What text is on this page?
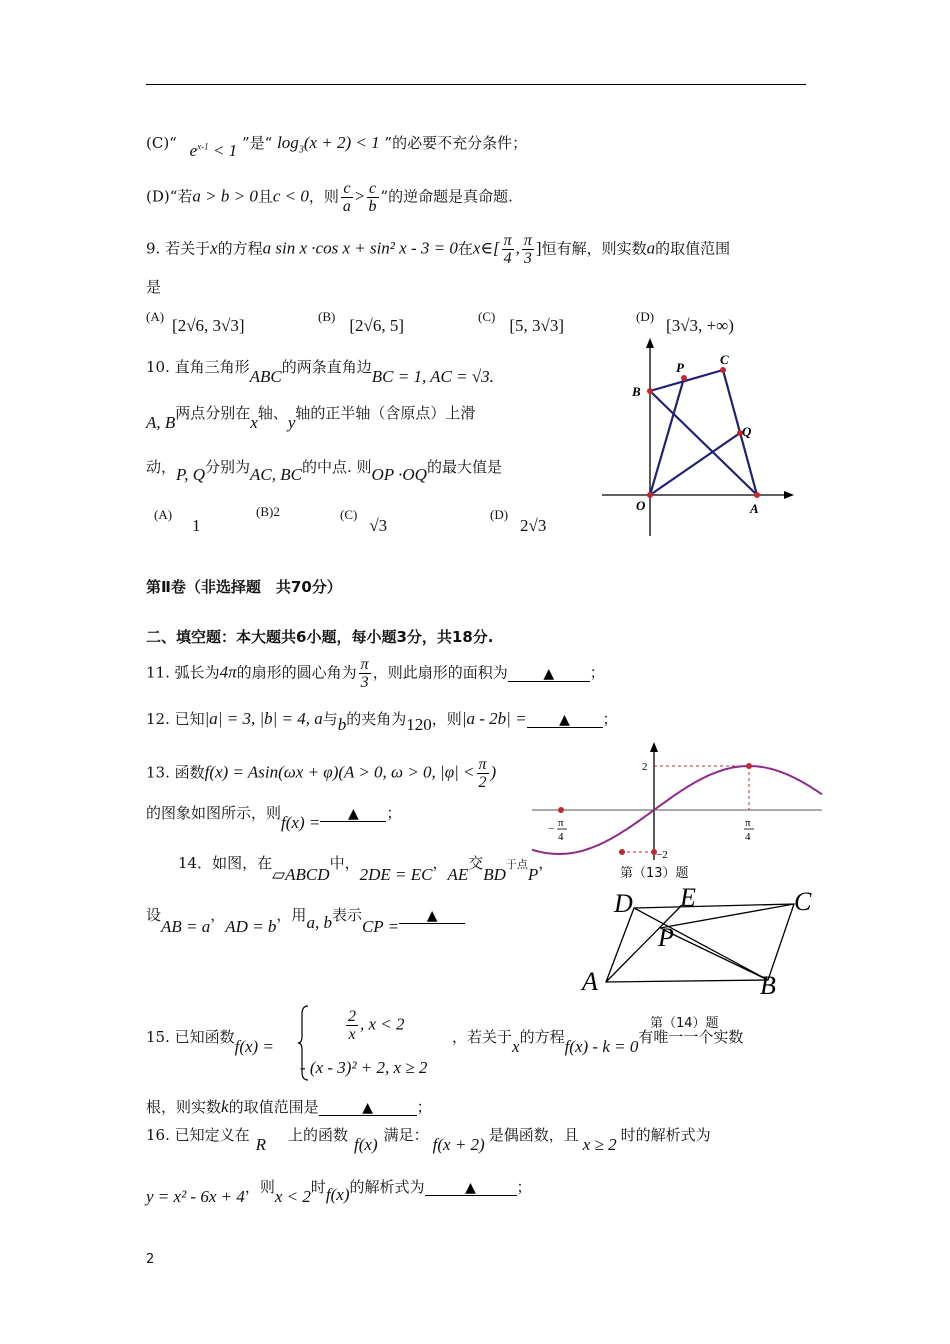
(C)“ $e^{x-1} < 1$ ”是“ $\log_3(x + 2) < 1$ ”的必要不充分条件；
(D)“若a > b > 0且c < 0，则 $\frac{c}{a} > \frac{c}{b}$ ”的逆命题是真命题.
9. 若关于x的方程a sin x ·cos x + sin² x - 3 = 0在x∈[ $\frac{\pi}{4}$ , $\frac{\pi}{3}$ ]恒有解，则实数a的取值范围
是
(A) [2√6, 3√3]	(B) [2√6, 5]	(C) [5, 3√3]	(D) [3√3, +∞)
10. 直角三角形ABC的两条直角边BC = 1, AC = √3.
A, B两点分别在x轴、y轴的正半轴（含原点）上滑
动，P, Q分别为AC, BC的中点. 则OP ·OQ的最大值是
(A)1
(B)2	(C)√3
(D)2√3
B
P
C
Q
O	A
第Ⅱ卷（非选择题　共70分）
二、填空题：本大题共6小题，每小题3分，共18分.
11. 弧长为4π的扇形的圆心角为 $\frac{\pi}{3}$ ，则此扇形的面积为	▲ ；
12. 已知|a| = 3, |b| = 4, a与b的夹角为120，则|a - 2b| = ▲ ；
13. 函数f(x) = Asin(ωx + φ)(A > 0, ω > 0, $|\varphi| < \frac{\pi}{2}$ )
的图象如图所示，则f(x) = ▲ ；
2
−2
− π
4
π
4
第（13）题
14．如图，在▱ABCD中，2DE = EC，AE交BD于点P，
设AB = a，AD = b，用a, b表示CP =▲	D E	C
P
A	B
第（14）题
15. 已知函数f(x) =
$\frac{2}{x}$ , x < 2
- (x - 3)² + 2, x ≥ 2
，若关于x的方程f(x) - k = 0有唯一一个实数
根，则实数k的取值范围是	▲	；
16. 已知定义在 R 上的函数 f(x) 满足： f(x + 2) 是偶函数，且 x ≥ 2 时的解析式为
y = x² - 6x + 4，则x < 2时f(x)的解析式为	▲	；
2
